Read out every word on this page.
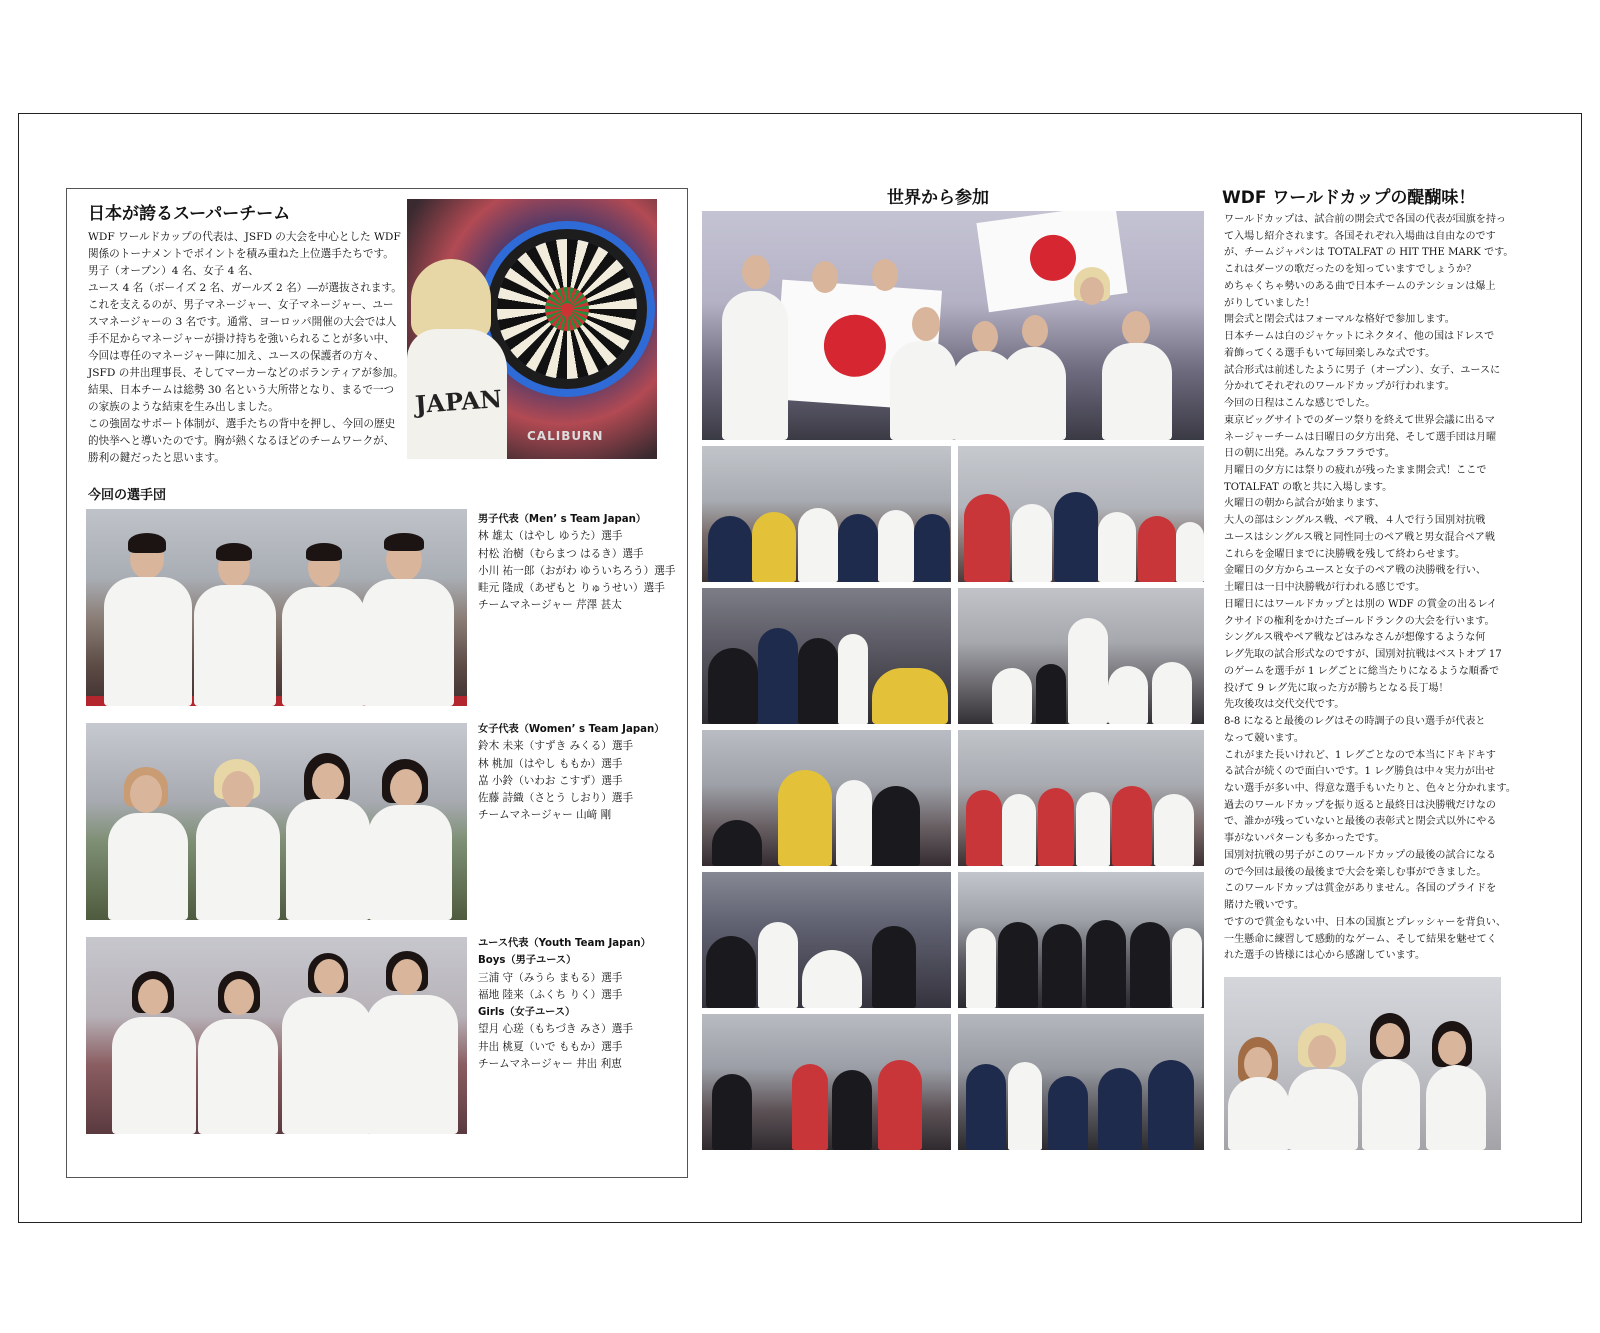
日本が誇るスーパーチーム

WDF ワールドカップの代表は、JSFD の大会を中心とした WDF

関係のトーナメントでポイントを積み重ねた上位選手たちです。

男子（オープン）4 名、女子 4 名、

ユース 4 名（ボーイズ 2 名、ガールズ 2 名）―が選抜されます。

これを支えるのが、男子マネージャー、女子マネージャー、ユー

スマネージャーの 3 名です。通常、ヨーロッパ開催の大会では人

手不足からマネージャーが掛け持ちを強いられることが多い中、

今回は専任のマネージャー陣に加え、ユースの保護者の方々、

JSFD の井出理事長、そしてマーカーなどのボランティアが参加。

結果、日本チームは総勢 30 名という大所帯となり、まるで一つ

の家族のような結束を生み出しました。

この強固なサポート体制が、選手たちの背中を押し、今回の歴史

的快挙へと導いたのです。胸が熱くなるほどのチームワークが、

勝利の鍵だったと思います。

CALIBURN
JAPAN
今回の選手団
男子代表（Men’ s Team Japan）
林 雄太（はやし ゆうた）選手
村松 治樹（むらまつ はるき）選手
小川 祐一郎（おがわ ゆういちろう）選手
畦元 隆成（あぜもと りゅうせい）選手
チームマネージャー 芹澤 甚太
女子代表（Women’ s Team Japan）
鈴木 未来（すずき みくる）選手
林 桃加（はやし ももか）選手
嵓 小鈴（いわお こすず）選手
佐藤 詩織（さとう しおり）選手
チームマネージャー 山﨑 剛
ユース代表（Youth Team Japan）
Boys（男子ユース）
三浦 守（みうら まもる）選手
福地 陸来（ふくち りく）選手
Girls（女子ユース）
望月 心瑳（もちづき みさ）選手
井出 桃夏（いで ももか）選手
チームマネージャー 井出 利恵
世界から参加	WDF ワールドカップの醍醐味！

ワールドカップは、試合前の開会式で各国の代表が国旗を持っ

て入場し紹介されます。各国それぞれ入場曲は自由なのです

が、チームジャパンは TOTALFAT の HIT THE MARK です。

これはダーツの歌だったのを知っていますでしょうか？

めちゃくちゃ勢いのある曲で日本チームのテンションは爆上

がりしていました！

開会式と閉会式はフォーマルな格好で参加します。

日本チームは白のジャケットにネクタイ、他の国はドレスで

着飾ってくる選手もいて毎回楽しみな式です。

試合形式は前述したように男子（オープン）、女子、ユースに

分かれてそれぞれのワールドカップが行われます。

今回の日程はこんな感じでした。

東京ビッグサイトでのダーツ祭りを終えて世界会議に出るマ

ネージャーチームは日曜日の夕方出発、そして選手団は月曜

日の朝に出発。みんなフラフラです。

月曜日の夕方には祭りの疲れが残ったまま開会式！ここで

TOTALFAT の歌と共に入場します。

火曜日の朝から試合が始まります、

大人の部はシングルス戦、ペア戦、４人で行う国別対抗戦

ユースはシングルス戦と同性同士のペア戦と男女混合ペア戦

これらを金曜日までに決勝戦を残して終わらせます。

金曜日の夕方からユースと女子のペア戦の決勝戦を行い、

土曜日は一日中決勝戦が行われる感じです。

日曜日にはワールドカップとは別の WDF の賞金の出るレイ

クサイドの権利をかけたゴールドランクの大会を行います。

シングルス戦やペア戦などはみなさんが想像するような何

レグ先取の試合形式なのですが、国別対抗戦はベストオブ 17

のゲームを選手が 1 レグごとに総当たりになるような順番で

投げて 9 レグ先に取った方が勝ちとなる長丁場！

先攻後攻は交代交代です。

8-8 になると最後のレグはその時調子の良い選手が代表と

なって競います。

これがまた長いけれど、1 レグごとなので本当にドキドキす

る試合が続くので面白いです。1 レグ勝負は中々実力が出せ

ない選手が多い中、得意な選手もいたりと、色々と分かれます。

過去のワールドカップを振り返ると最終日は決勝戦だけなの

で、誰かが残っていないと最後の表彰式と閉会式以外にやる

事がないパターンも多かったです。

国別対抗戦の男子がこのワールドカップの最後の試合になる

ので今回は最後の最後まで大会を楽しむ事ができました。

このワールドカップは賞金がありません。各国のプライドを

賭けた戦いです。

ですので賞金もない中、日本の国旗とプレッシャーを背負い、

一生懸命に練習して感動的なゲーム、そして結果を魅せてく

れた選手の皆様には心から感謝しています。
